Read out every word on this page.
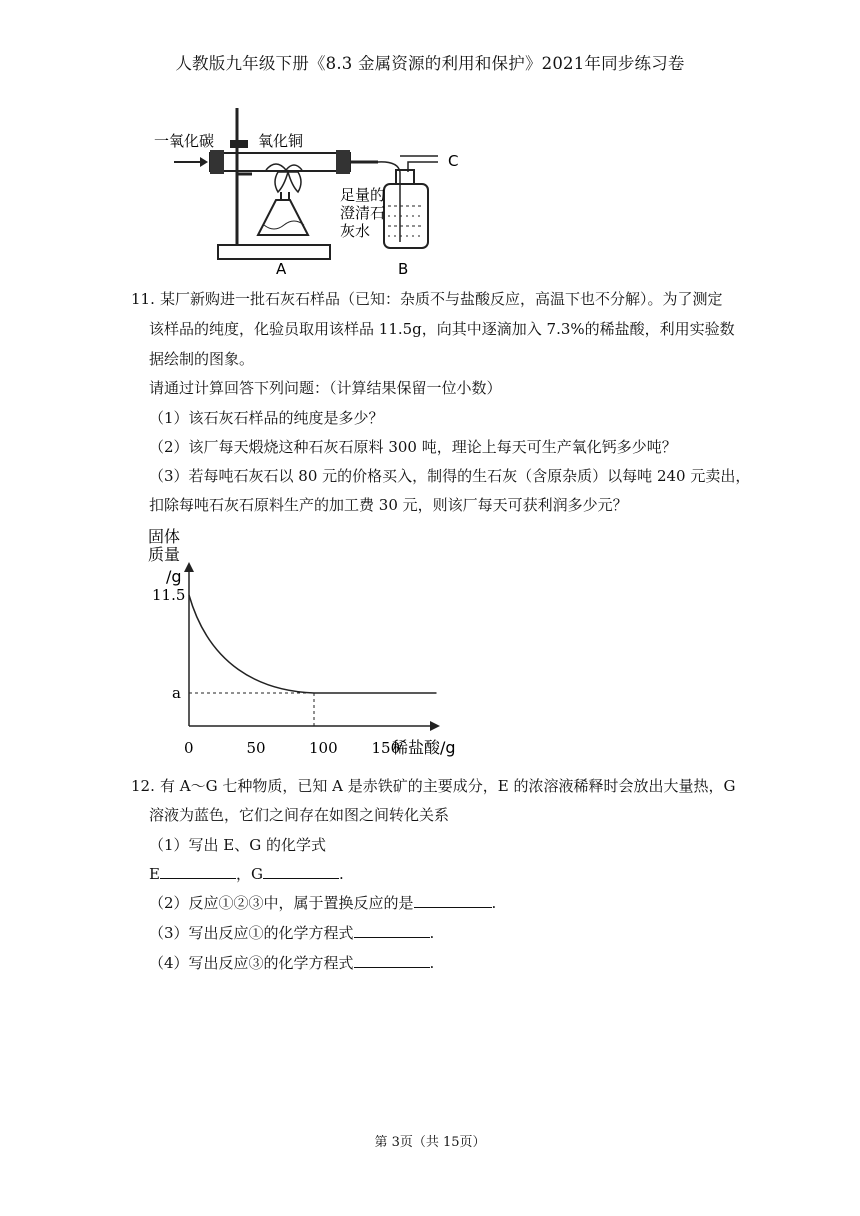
人教版九年级下册《8.3 金属资源的利用和保护》2021年同步练习卷
一氧化碳	氧化铜
C
足量的
澄清石
灰水
A	B
11. 某厂新购进一批石灰石样品（已知：杂质不与盐酸反应，高温下也不分解）。为了测定
该样品的纯度，化验员取用该样品 11.5g，向其中逐滴加入 7.3%的稀盐酸，利用实验数
据绘制的图象。
请通过计算回答下列问题：（计算结果保留一位小数）
（1）该石灰石样品的纯度是多少？
（2）该厂每天煅烧这种石灰石原料 300 吨，理论上每天可生产氧化钙多少吨？
（3）若每吨石灰石以 80 元的价格买入，制得的生石灰（含原杂质）以每吨 240 元卖出，
扣除每吨石灰石原料生产的加工费 30 元，则该厂每天可获利润多少元？
固体
质量
/g
11.5
a
0	50	100 150
稀盐酸/g
12. 有 A～G 七种物质，已知 A 是赤铁矿的主要成分，E 的浓溶液稀释时会放出大量热，G
溶液为蓝色，它们之间存在如图之间转化关系
（1）写出 E、G 的化学式
E	，G	.
（2）反应①②③中，属于置换反应的是	.
（3）写出反应①的化学方程式	.
（4）写出反应③的化学方程式	.
第 3页（共 15页）
